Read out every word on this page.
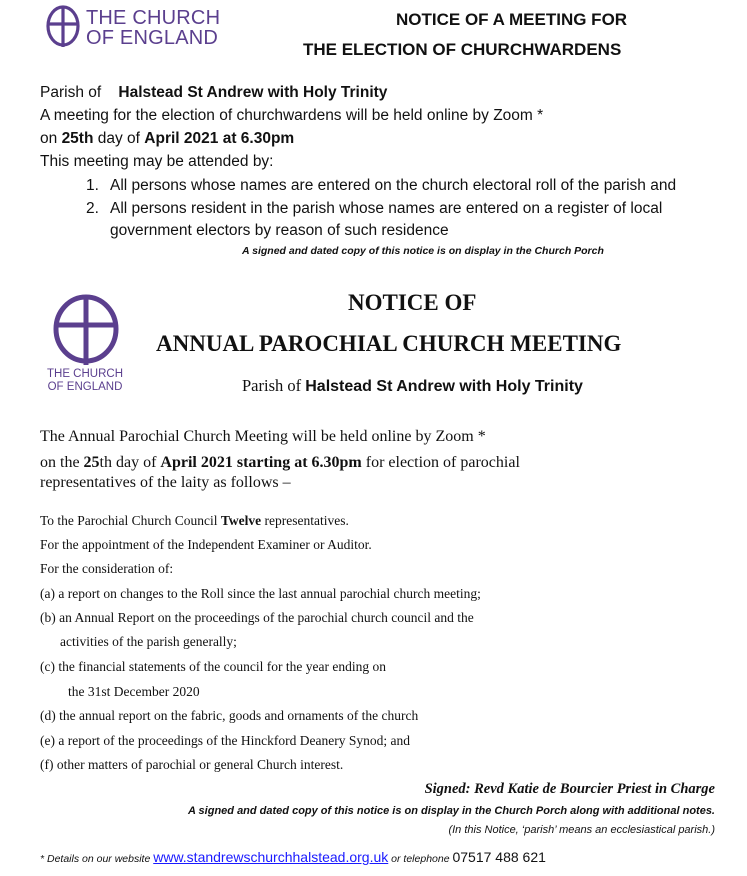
THE CHURCH
OF ENGLAND
NOTICE OF A MEETING FOR
THE ELECTION OF CHURCHWARDENS
Parish of Halstead St Andrew with Holy Trinity
A meeting for the election of churchwardens will be held online by Zoom *
on 25th day of April 2021 at 6.30pm
This meeting may be attended by:
1. All persons whose names are entered on the church electoral roll of the parish and
2. All persons resident in the parish whose names are entered on a register of local
government electors by reason of such residence
A signed and dated copy of this notice is on display in the Church Porch
THE CHURCH
OF ENGLAND
NOTICE OF
ANNUAL PAROCHIAL CHURCH MEETING
Parish of Halstead St Andrew with Holy Trinity
The Annual Parochial Church Meeting will be held online by Zoom *
on the 25th day of April 2021 starting at 6.30pm for election of parochial
representatives of the laity as follows –
To the Parochial Church Council Twelve representatives.
For the appointment of the Independent Examiner or Auditor.
For the consideration of:
(a) a report on changes to the Roll since the last annual parochial church meeting;
(b) an Annual Report on the proceedings of the parochial church council and the
activities of the parish generally;
(c) the financial statements of the council for the year ending on
the 31st December 2020
(d) the annual report on the fabric, goods and ornaments of the church
(e) a report of the proceedings of the Hinckford Deanery Synod; and
(f) other matters of parochial or general Church interest.
Signed: Revd Katie de Bourcier Priest in Charge
A signed and dated copy of this notice is on display in the Church Porch along with additional notes.
(In this Notice, ‘parish’ means an ecclesiastical parish.)
* Details on our website www.standrewschurchhalstead.org.uk or telephone 07517 488 621
